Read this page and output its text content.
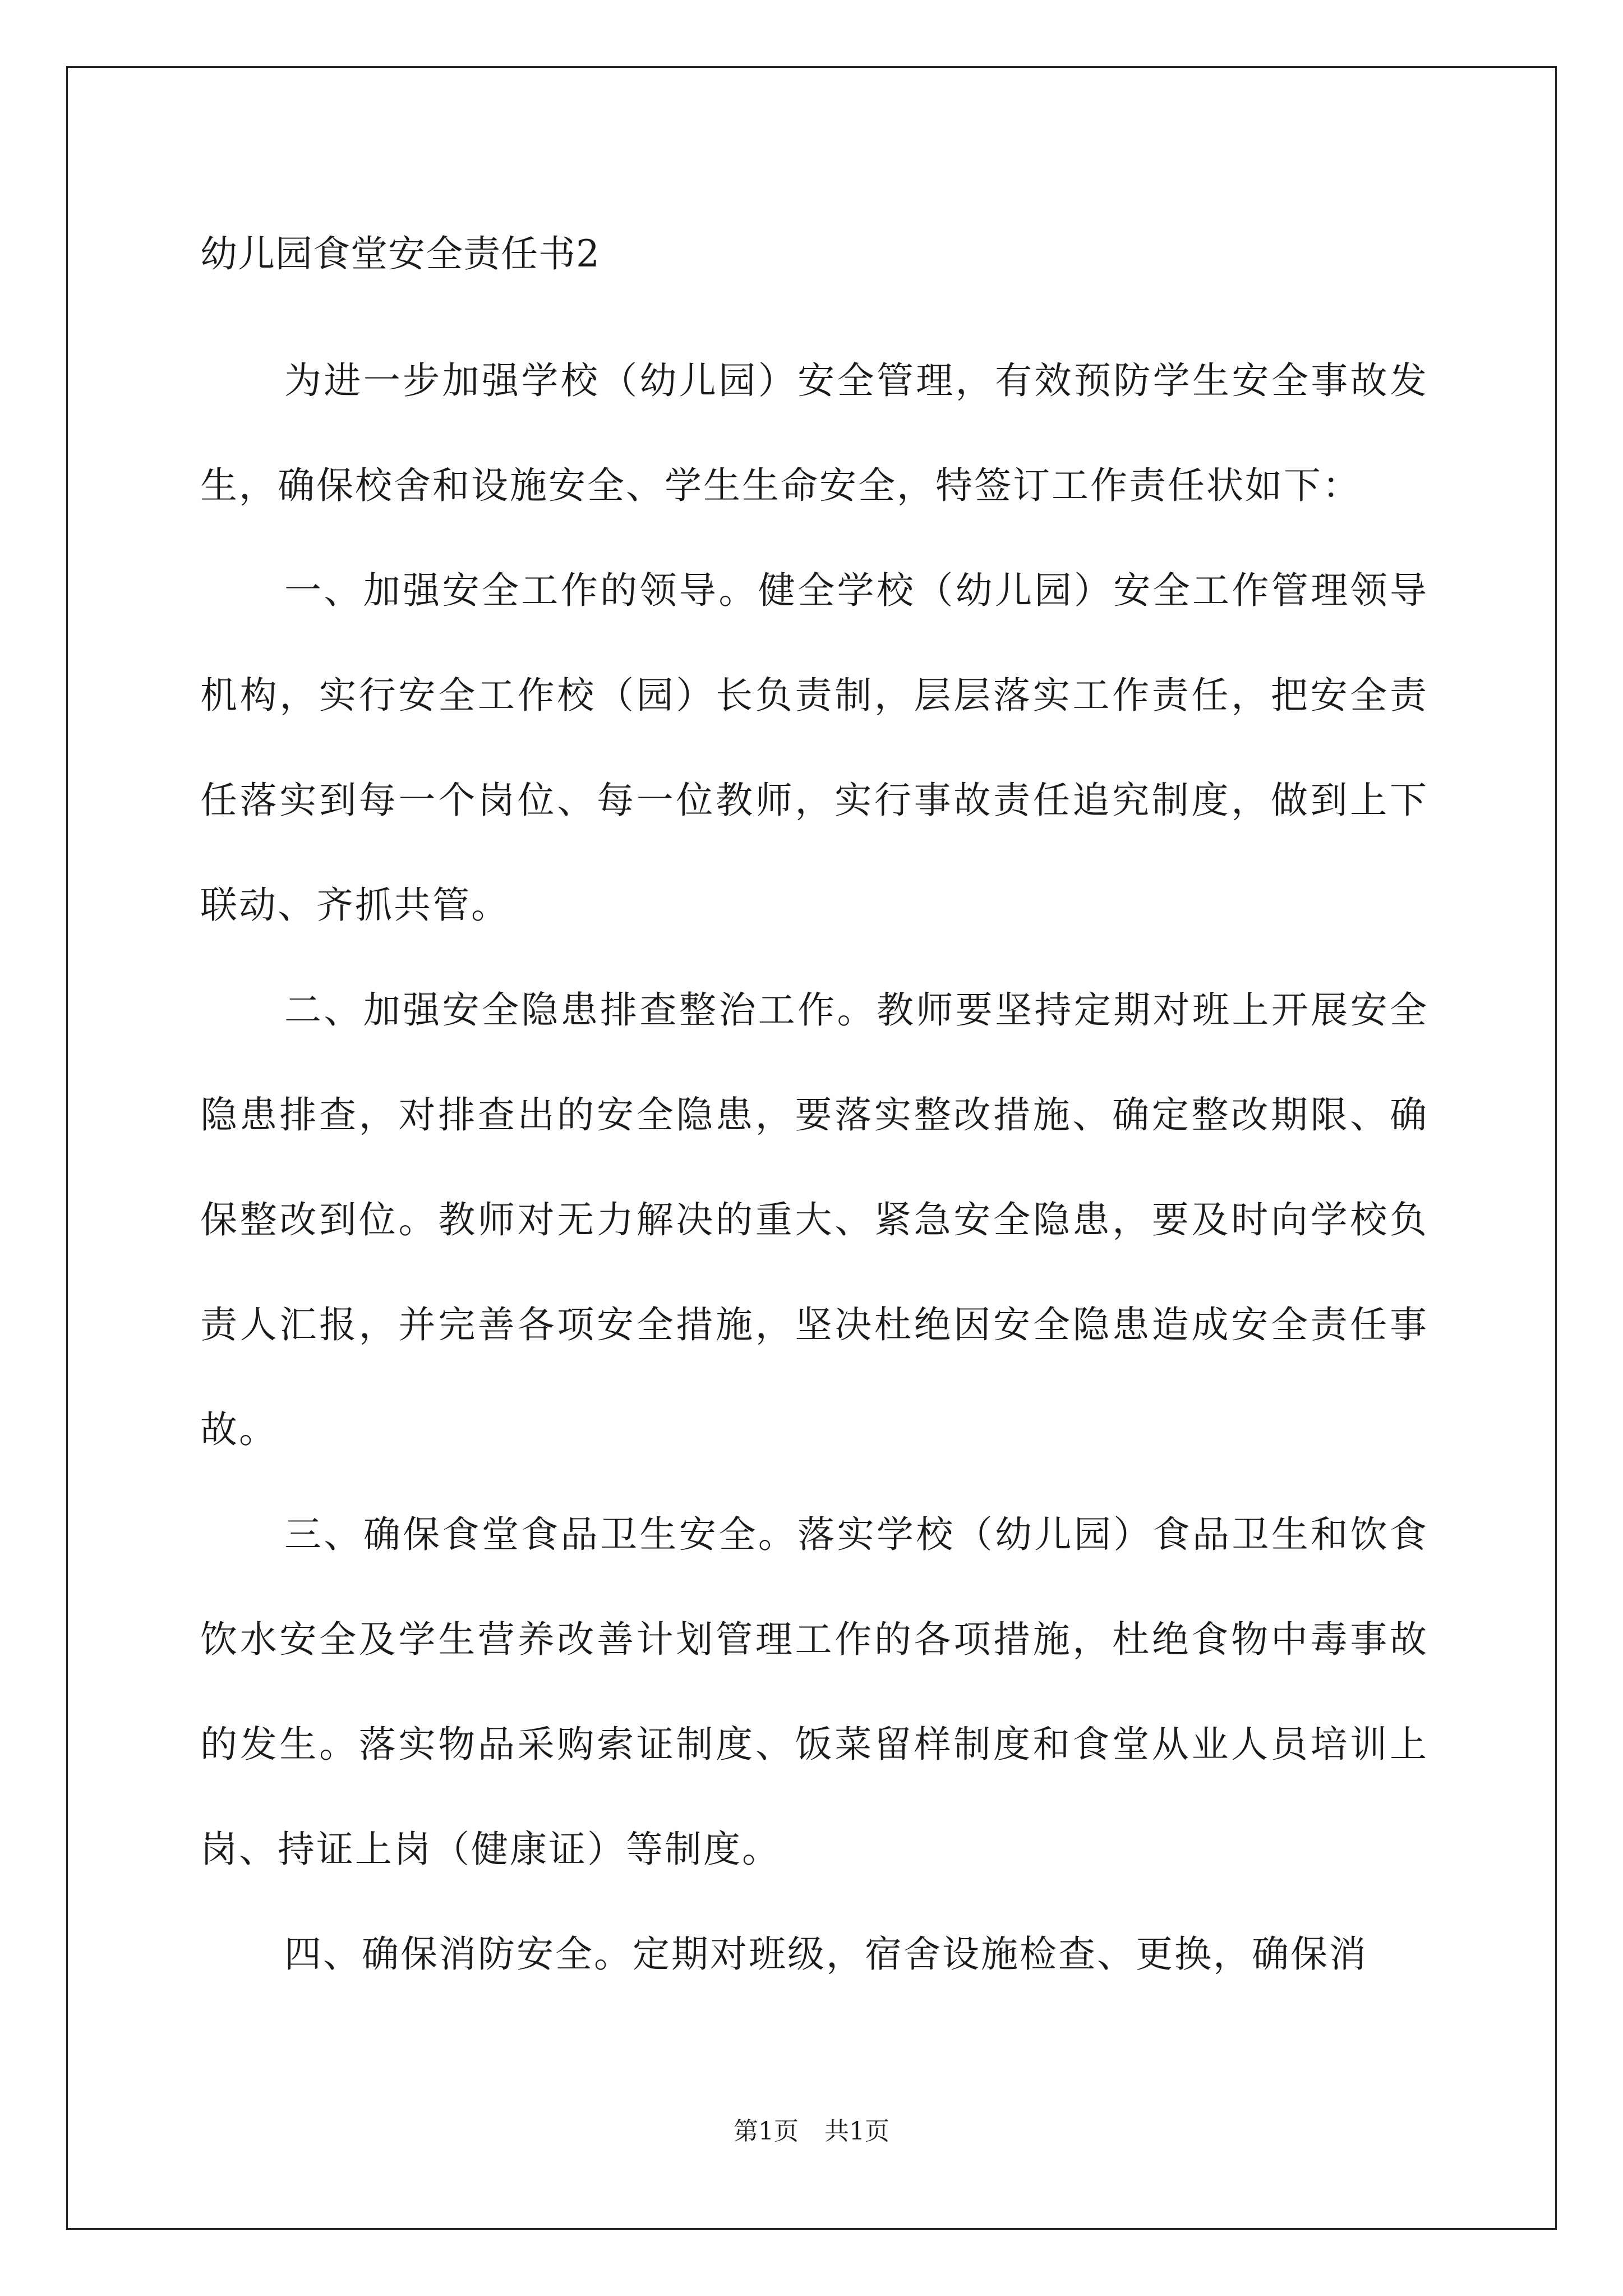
幼儿园食堂安全责任书2

为进一步加强学校（幼儿园）安全管理，有效预防学生安全事故发生，确保校舍和设施安全、学生生命安全，特签订工作责任状如下：

一、加强安全工作的领导。健全学校（幼儿园）安全工作管理领导机构，实行安全工作校（园）长负责制，层层落实工作责任，把安全责任落实到每一个岗位、每一位教师，实行事故责任追究制度，做到上下联动、齐抓共管。

二、加强安全隐患排查整治工作。教师要坚持定期对班上开展安全隐患排查，对排查出的安全隐患，要落实整改措施、确定整改期限、确保整改到位。教师对无力解决的重大、紧急安全隐患，要及时向学校负责人汇报，并完善各项安全措施，坚决杜绝因安全隐患造成安全责任事故。

三、确保食堂食品卫生安全。落实学校（幼儿园）食品卫生和饮食饮水安全及学生营养改善计划管理工作的各项措施，杜绝食物中毒事故的发生。落实物品采购索证制度、饭菜留样制度和食堂从业人员培训上岗、持证上岗（健康证）等制度。

四、确保消防安全。定期对班级，宿舍设施检查、更换，确保消

第1页 共1页
